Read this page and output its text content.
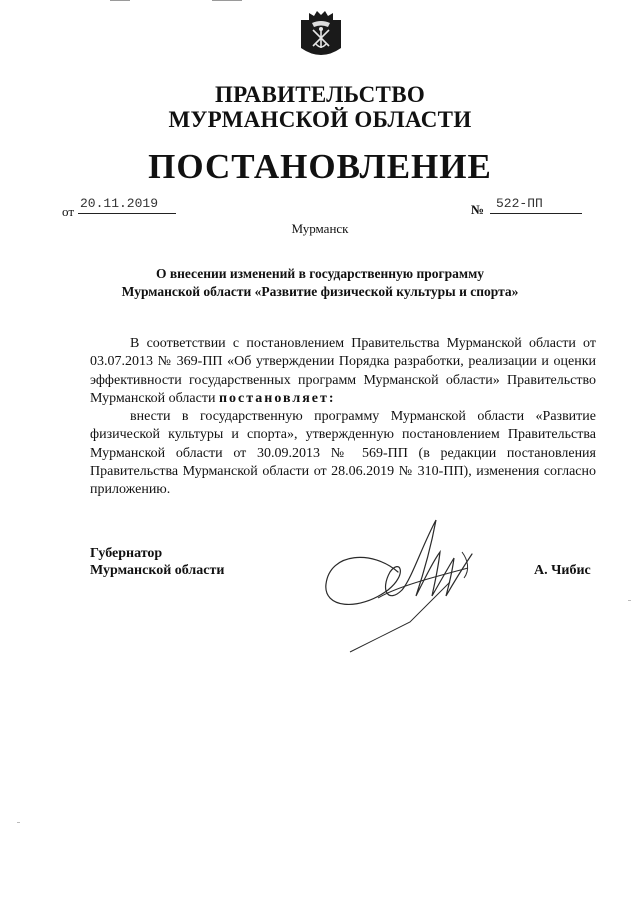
ПРАВИТЕЛЬСТВО
МУРМАНСКОЙ ОБЛАСТИ
ПОСТАНОВЛЕНИЕ
от
20.11.2019	№ 522-ПП
Мурманск
О внесении изменений в государственную программу
Мурманской области «Развитие физической культуры и спорта»

В соответствии с постановлением Правительства Мурманской области от 03.07.2013 № 369-ПП «Об утверждении Порядка разработки, реализации и оценки эффективности государственных программ Мурманской области» Правительство Мурманской области постановляет:

внести в государственную программу Мурманской области «Развитие физической культуры и спорта», утвержденную постановлением Правительства Мурманской области от 30.09.2013 № 569-ПП (в редакции постановления Правительства Мурманской области от 28.06.2019 № 310-ПП), изменения согласно приложению.

Губернатор
Мурманской области	А. Чибис
